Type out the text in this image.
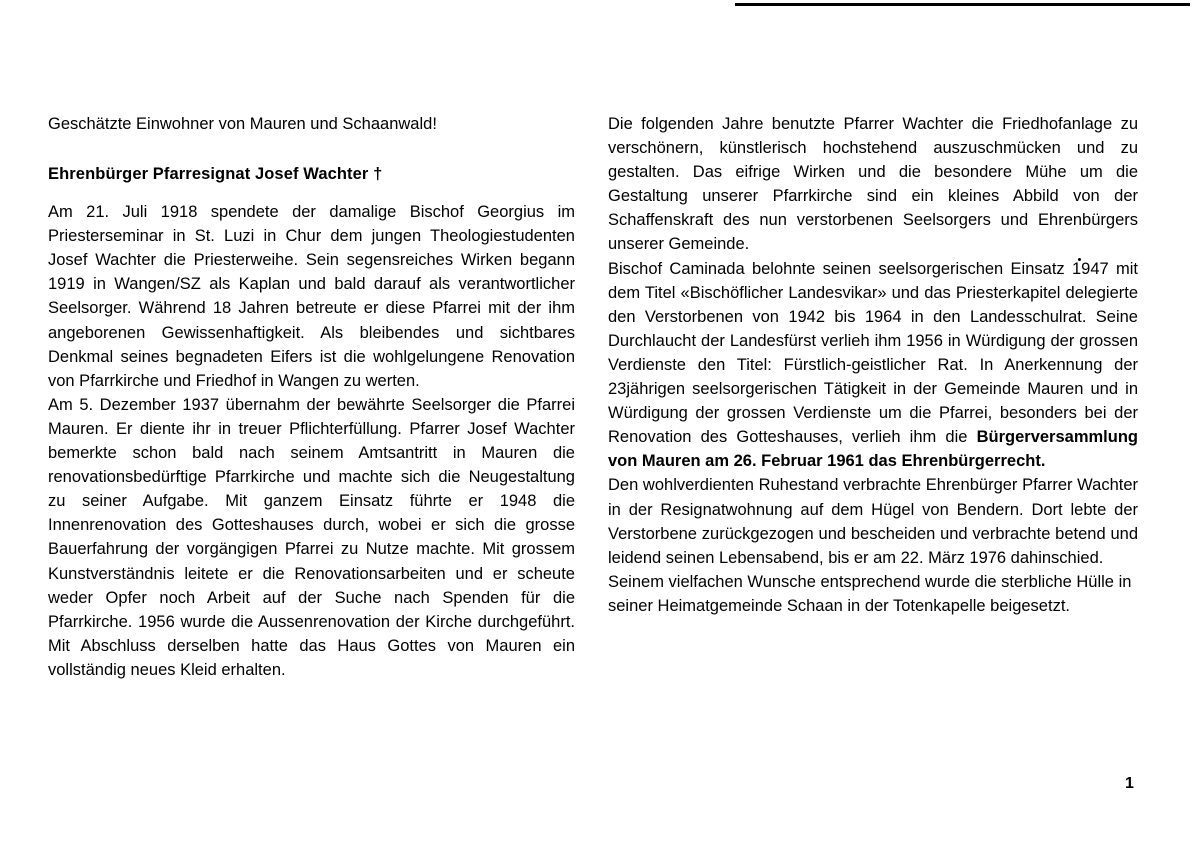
Geschätzte Einwohner von Mauren und Schaanwald!

Ehrenbürger Pfarresignat Josef Wachter †

Am 21. Juli 1918 spendete der damalige Bischof Georgius im Priesterseminar in St. Luzi in Chur dem jungen Theologiestudenten Josef Wachter die Priesterweihe. Sein segensreiches Wirken begann 1919 in Wangen/SZ als Kaplan und bald darauf als verantwortlicher Seelsorger. Während 18 Jahren betreute er diese Pfarrei mit der ihm angeborenen Gewissenhaftigkeit. Als bleibendes und sichtbares Denkmal seines begnadeten Eifers ist die wohlgelungene Renovation von Pfarrkirche und Friedhof in Wangen zu werten.

Am 5. Dezember 1937 übernahm der bewährte Seelsorger die Pfarrei Mauren. Er diente ihr in treuer Pflichterfüllung. Pfarrer Josef Wachter bemerkte schon bald nach seinem Amtsantritt in Mauren die renovationsbedürftige Pfarrkirche und machte sich die Neugestaltung zu seiner Aufgabe. Mit ganzem Einsatz führte er 1948 die Innenrenovation des Gotteshauses durch, wobei er sich die grosse Bauerfahrung der vorgängigen Pfarrei zu Nutze machte. Mit grossem Kunstverständnis leitete er die Renovationsarbeiten und er scheute weder Opfer noch Arbeit auf der Suche nach Spenden für die Pfarrkirche. 1956 wurde die Aussenrenovation der Kirche durchgeführt. Mit Abschluss derselben hatte das Haus Gottes von Mauren ein vollständig neues Kleid erhalten.

Die folgenden Jahre benutzte Pfarrer Wachter die Friedhofanlage zu verschönern, künstlerisch hochstehend auszuschmücken und zu gestalten. Das eifrige Wirken und die besondere Mühe um die Gestaltung unserer Pfarrkirche sind ein kleines Abbild von der Schaffenskraft des nun verstorbenen Seelsorgers und Ehrenbürgers unserer Gemeinde.

Bischof Caminada belohnte seinen seelsorgerischen Einsatz 1947 mit dem Titel «Bischöflicher Landesvikar» und das Priesterkapitel delegierte den Verstorbenen von 1942 bis 1964 in den Landesschulrat. Seine Durchlaucht der Landesfürst verlieh ihm 1956 in Würdigung der grossen Verdienste den Titel: Fürstlich-geistlicher Rat. In Anerkennung der 23jährigen seelsorgerischen Tätigkeit in der Gemeinde Mauren und in Würdigung der grossen Verdienste um die Pfarrei, besonders bei der Renovation des Gotteshauses, verlieh ihm die Bürgerversammlung von Mauren am 26. Februar 1961 das Ehrenbürgerrecht.

Den wohlverdienten Ruhestand verbrachte Ehrenbürger Pfarrer Wachter in der Resignatwohnung auf dem Hügel von Bendern. Dort lebte der Verstorbene zurückgezogen und bescheiden und verbrachte betend und leidend seinen Lebensabend, bis er am 22. März 1976 dahinschied.

Seinem vielfachen Wunsche entsprechend wurde die sterbliche Hülle in seiner Heimatgemeinde Schaan in der Totenkapelle beigesetzt.

1
